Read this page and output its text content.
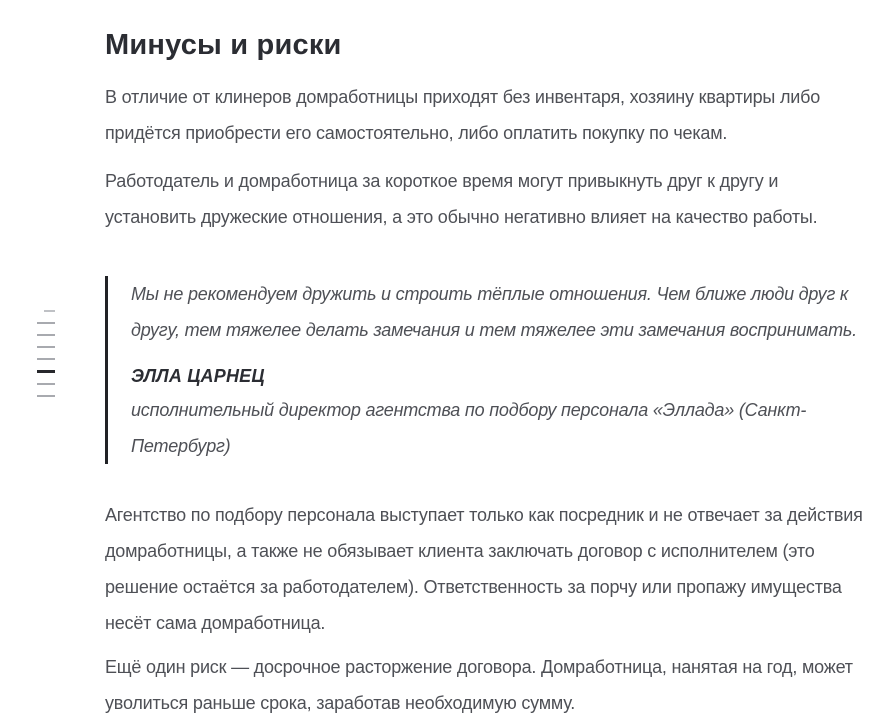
Минусы и риски

В отличие от клинеров домработницы приходят без инвентаря, хозяину квартиры либо придётся приобрести его самостоятельно, либо оплатить покупку по чекам.

Работодатель и домработница за короткое время могут привыкнуть друг к другу и установить дружеские отношения, а это обычно негативно влияет на качество работы.

Мы не рекомендуем дружить и строить тёплые отношения. Чем ближе люди друг к другу, тем тяжелее делать замечания и тем тяжелее эти замечания воспринимать.

ЭЛЛА ЦАРНЕЦ
исполнительный директор агентства по подбору персонала «Эллада» (Санкт-Петербург)

Агентство по подбору персонала выступает только как посредник и не отвечает за действия домработницы, а также не обязывает клиента заключать договор с исполнителем (это решение остаётся за работодателем). Ответственность за порчу или пропажу имущества несёт сама домработница.

Ещё один риск — досрочное расторжение договора. Домработница, нанятая на год, может уволиться раньше срока, заработав необходимую сумму.
